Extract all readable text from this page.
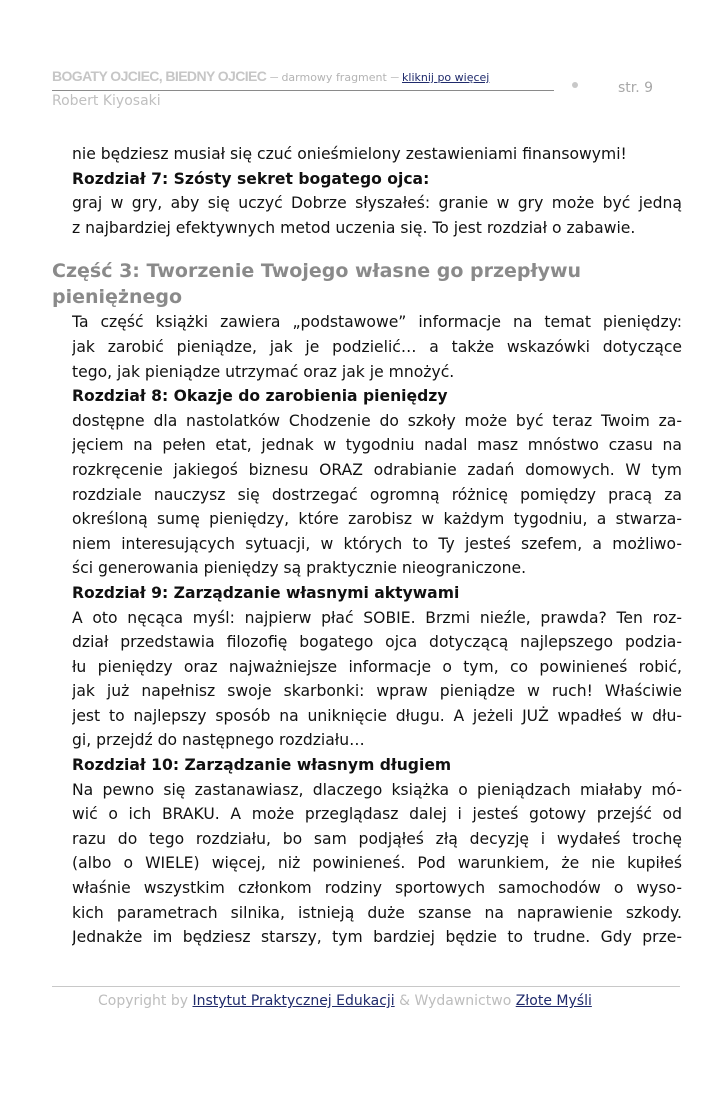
BOGATY OJCIEC, BIEDNY OJCIEC – darmowy fragment – kliknij po więcej
Robert Kiyosaki
str. 9
nie będziesz musiał się czuć onieśmielony zestawieniami finansowymi!
Rozdział 7: Szósty sekret bogatego ojca:
graj w gry, aby się uczyć Dobrze słyszałeś: granie w gry może być jedną
z najbardziej efektywnych metod uczenia się. To jest rozdział o zabawie.
Część 3: Tworzenie Twojego własne go przepływu
pieniężnego
Ta część książki zawiera „podstawowe” informacje na temat pieniędzy:
jak zarobić pieniądze, jak je podzielić… a także wskazówki dotyczące
tego, jak pieniądze utrzymać oraz jak je mnożyć.
Rozdział 8: Okazje do zarobienia pieniędzy
dostępne dla nastolatków Chodzenie do szkoły może być teraz Twoim za-
jęciem na pełen etat, jednak w tygodniu nadal masz mnóstwo czasu na
rozkręcenie jakiegoś biznesu ORAZ odrabianie zadań domowych. W tym
rozdziale nauczysz się dostrzegać ogromną różnicę pomiędzy pracą za
określoną sumę pieniędzy, które zarobisz w każdym tygodniu, a stwarza-
niem interesujących sytuacji, w których to Ty jesteś szefem, a możliwo-
ści generowania pieniędzy są praktycznie nieograniczone.
Rozdział 9: Zarządzanie własnymi aktywami
A oto nęcąca myśl: najpierw płać SOBIE. Brzmi nieźle, prawda? Ten roz-
dział przedstawia filozofię bogatego ojca dotyczącą najlepszego podzia-
łu pieniędzy oraz najważniejsze informacje o tym, co powinieneś robić,
jak już napełnisz swoje skarbonki: wpraw pieniądze w ruch! Właściwie
jest to najlepszy sposób na uniknięcie długu. A jeżeli JUŻ wpadłeś w dłu-
gi, przejdź do następnego rozdziału…
Rozdział 10: Zarządzanie własnym długiem
Na pewno się zastanawiasz, dlaczego książka o pieniądzach miałaby mó-
wić o ich BRAKU. A może przeglądasz dalej i jesteś gotowy przejść od
razu do tego rozdziału, bo sam podjąłeś złą decyzję i wydałeś trochę
(albo o WIELE) więcej, niż powinieneś. Pod warunkiem, że nie kupiłeś
właśnie wszystkim członkom rodziny sportowych samochodów o wyso-
kich parametrach silnika, istnieją duże szanse na naprawienie szkody.
Jednakże im będziesz starszy, tym bardziej będzie to trudne. Gdy prze-
Copyright by Instytut Praktycznej Edukacji & Wydawnictwo Złote Myśli
